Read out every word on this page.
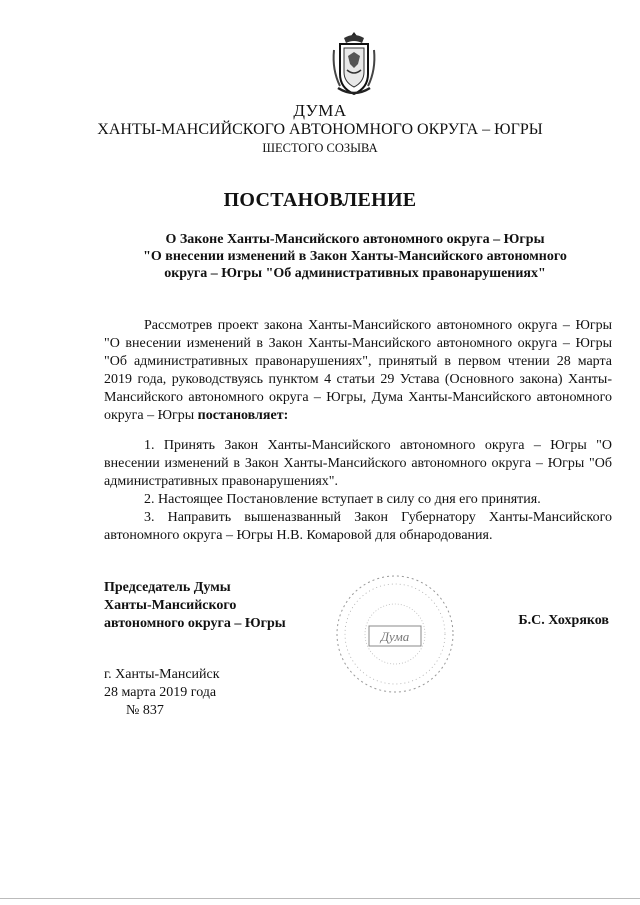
ДУМА
ХАНТЫ-МАНСИЙСКОГО АВТОНОМНОГО ОКРУГА – ЮГРЫ
ШЕСТОГО СОЗЫВА
ПОСТАНОВЛЕНИЕ
О Законе Ханты-Мансийского автономного округа – Югры
"О внесении изменений в Закон Ханты-Мансийского автономного
округа – Югры "Об административных правонарушениях"
Рассмотрев проект закона Ханты-Мансийского автономного округа – Югры "О внесении изменений в Закон Ханты-Мансийского автономного округа – Югры "Об административных правонарушениях", принятый в первом чтении 28 марта 2019 года, руководствуясь пунктом 4 статьи 29 Устава (Основного закона) Ханты-Мансийского автономного округа – Югры, Дума Ханты-Мансийского автономного округа – Югры постановляет:

1. Принять Закон Ханты-Мансийского автономного округа – Югры "О внесении изменений в Закон Ханты-Мансийского автономного округа – Югры "Об административных правонарушениях".

2. Настоящее Постановление вступает в силу со дня его принятия.

3. Направить вышеназванный Закон Губернатору Ханты-Мансийского автономного округа – Югры Н.В. Комаровой для обнародования.

Председатель Думы
Ханты-Мансийского
автономного округа – Югры
Дума
Б.С. Хохряков
г. Ханты-Мансийск
28 марта 2019 года
№ 837
